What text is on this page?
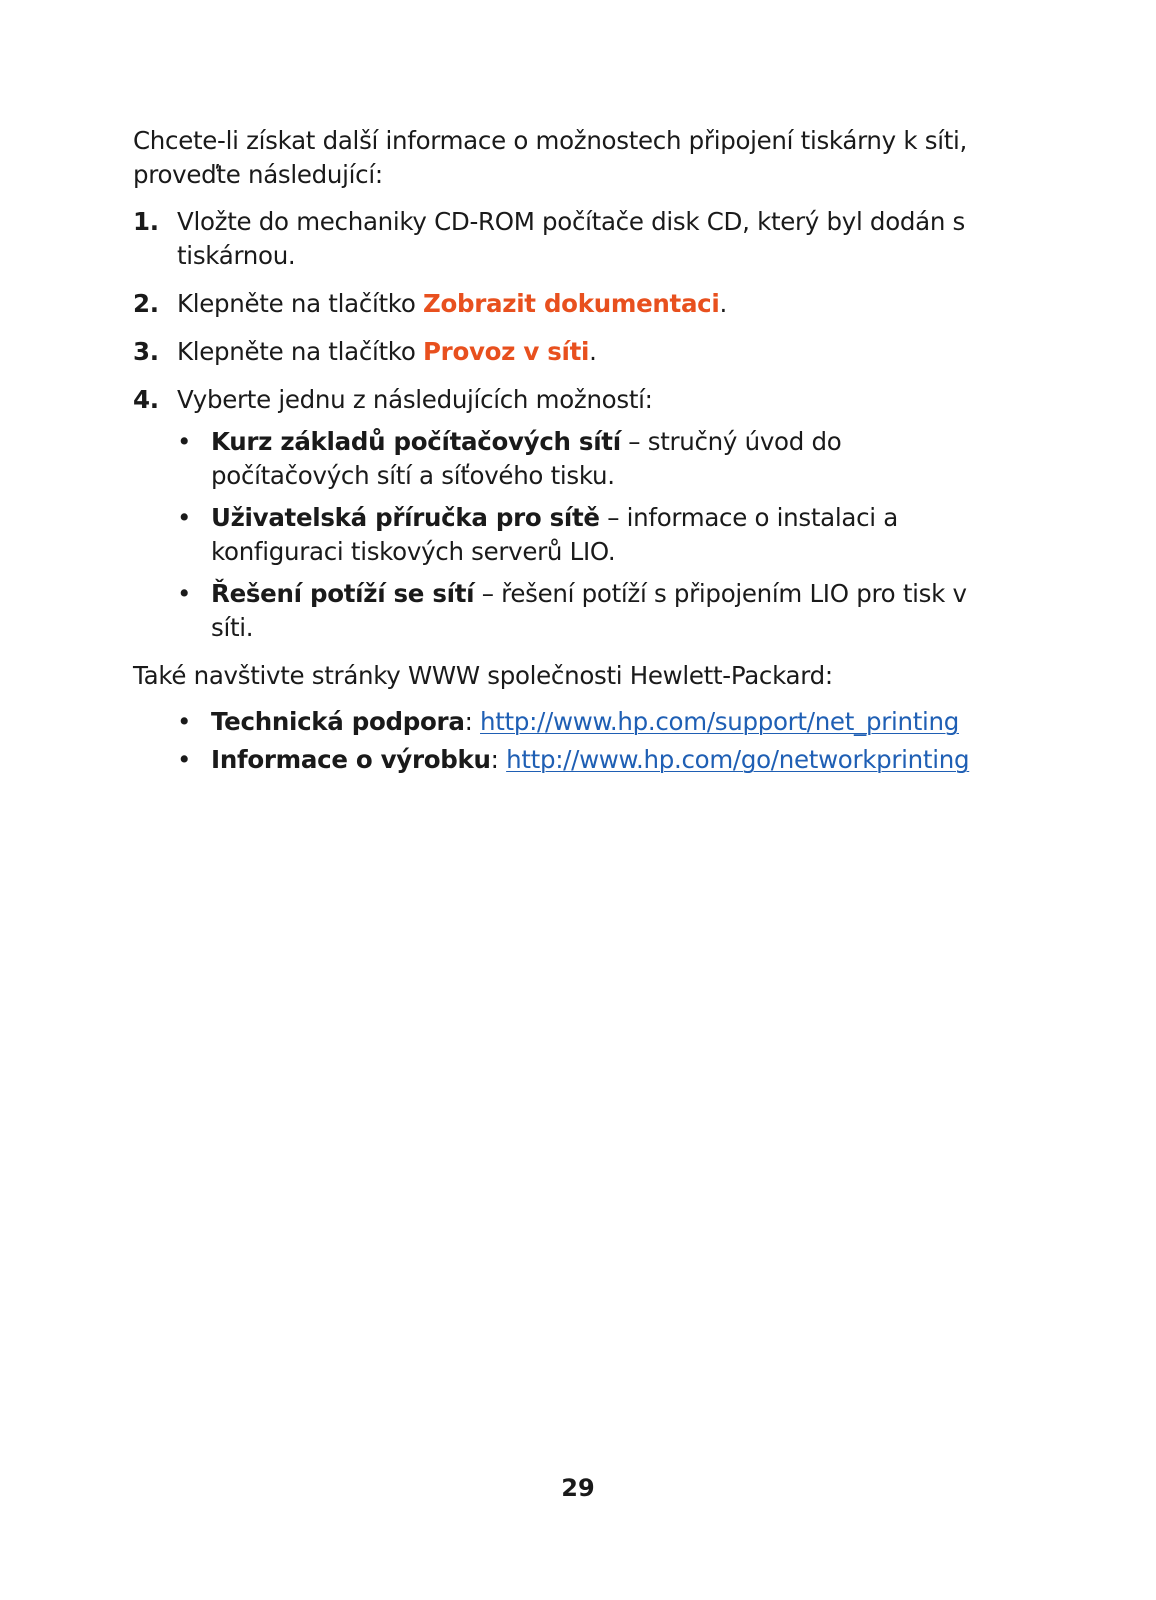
Chcete-li získat další informace o možnostech připojení tiskárny k síti, proveďte následující:

1. Vložte do mechaniky CD-ROM počítače disk CD, který byl dodán s tiskárnou.
2. Klepněte na tlačítko Zobrazit dokumentaci.
3. Klepněte na tlačítko Provoz v síti.
4. Vyberte jednu z následujících možností:
• Kurz základů počítačových sítí – stručný úvod do počítačových sítí a síťového tisku.
• Uživatelská příručka pro sítě – informace o instalaci a konfiguraci tiskových serverů LIO.
• Řešení potíží se sítí – řešení potíží s připojením LIO pro tisk v síti.

Také navštivte stránky WWW společnosti Hewlett-Packard:

• Technická podpora: http://www.hp.com/support/net_printing
• Informace o výrobku: http://www.hp.com/go/networkprinting
29
